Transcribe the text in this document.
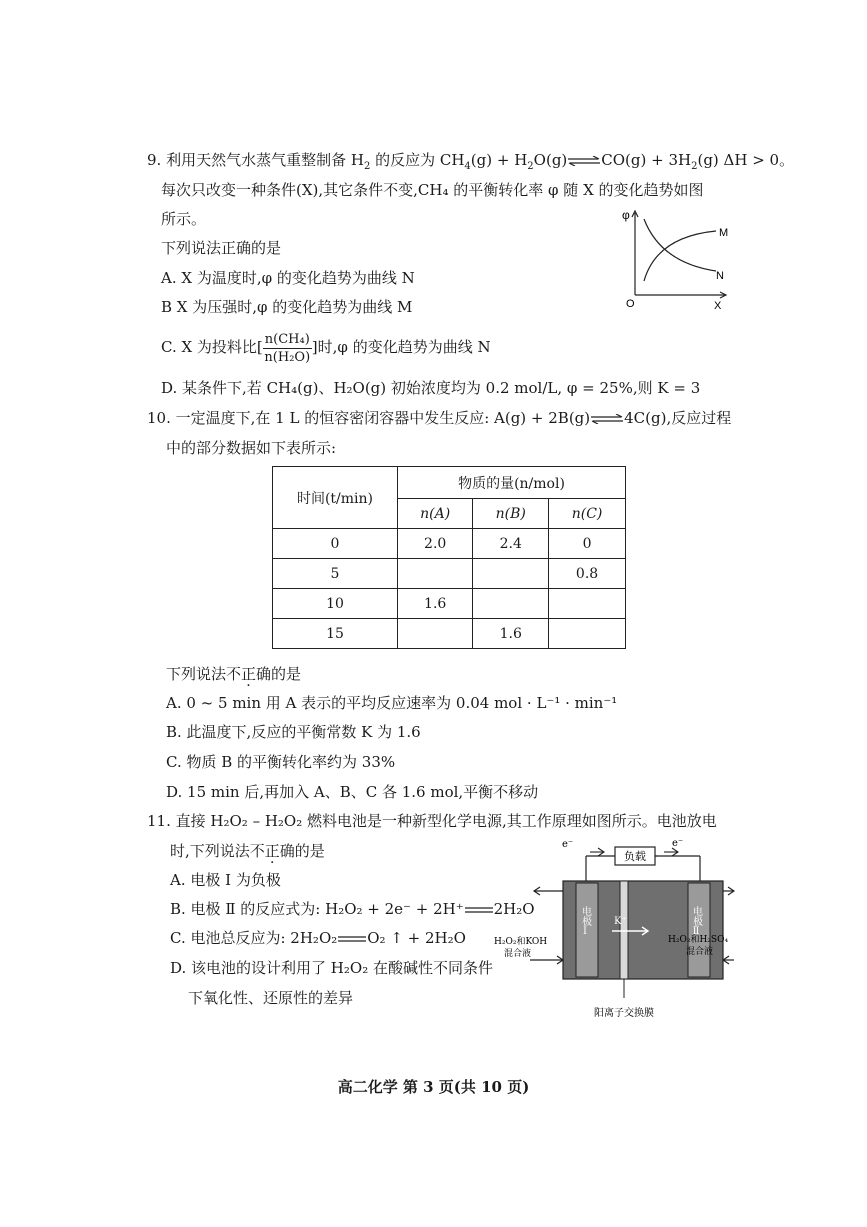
9. 利用天然气水蒸气重整制备 $H_2$ 的反应为 $CH_4(g)$ + $H_2O(g)\rightleftharpoons CO(g) + 3H_2(g) \Delta H > 0$。
每次只改变一种条件(X),其它条件不变,CH₄ 的平衡转化率 φ 随 X 的变化趋势如图
所示。
下列说法正确的是
A. X 为温度时,φ 的变化趋势为曲线 N
B X 为压强时,φ 的变化趋势为曲线 M
C. X 为投料比[ $\frac{\text{n(CH₄)}}{\text{n(H₂O)}}$ ]时,φ 的变化趋势为曲线 N
D. 某条件下,若 CH₄(g)、H₂O(g) 初始浓度均为 0.2 mol/L, φ = 25%,则 K = 3
φ
O	X
M
N
10. 一定温度下,在 1 L 的恒容密闭容器中发生反应: A(g) + 2B(g)⇌4C(g),反应过程
中的部分数据如下表所示:
时间(t/min)	物质的量(n/mol)		
	n(A)	n(B)	n(C)
0	2.0	2.4	0
5			0.8
10	1.6		
15		1.6	
下列说法不正确的是
A. 0 ~ 5 min 用 A 表示的平均反应速率为 0.04 mol · L⁻¹ · min⁻¹
B. 此温度下,反应的平衡常数 K 为 1.6
C. 物质 B 的平衡转化率约为 33%
D. 15 min 后,再加入 A、B、C 各 1.6 mol,平衡不移动
11. 直接 H₂O₂ – H₂O₂ 燃料电池是一种新型化学电源,其工作原理如图所示。电池放电
时,下列说法不正确的是
A. 电极 Ⅰ 为负极
B. 电极 Ⅱ 的反应式为: H₂O₂ + 2e⁻ + 2H⁺ 2H₂O
C. 电池总反应为: 2H₂O₂ O₂ ↑ + 2H₂O
D. 该电池的设计利用了 H₂O₂ 在酸碱性不同条件
下氧化性、还原性的差异
负载
e⁻	e⁻
电极Ⅰ	电极Ⅱ
K⁺
H₂O₂和KOH
混合液
H₂O₂和H₂SO₄
混合液
阳离子交换膜
高二化学 第 3 页(共 10 页)
